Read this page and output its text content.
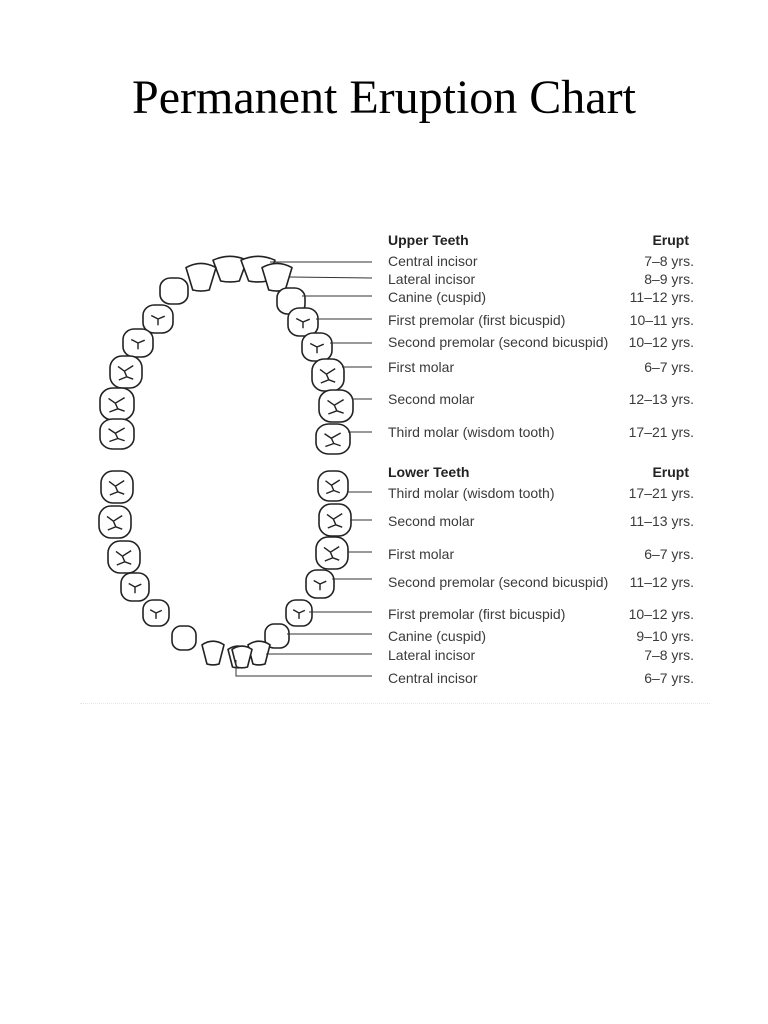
Permanent Eruption Chart
Upper Teeth	Erupt
Central incisor	7–8 yrs.
Lateral incisor	8–9 yrs.
Canine (cuspid)	11–12 yrs.
First premolar (first bicuspid)	10–11 yrs.
Second premolar (second bicuspid) 10–12 yrs.
First molar	6–7 yrs.
Second molar	12–13 yrs.
Third molar (wisdom tooth)	17–21 yrs.
Lower Teeth	Erupt
Third molar (wisdom tooth)	17–21 yrs.
Second molar	11–13 yrs.
First molar	6–7 yrs.
Second premolar (second bicuspid) 11–12 yrs.
First premolar (first bicuspid)	10–12 yrs.
Canine (cuspid)	9–10 yrs.
Lateral incisor	7–8 yrs.
Central incisor	6–7 yrs.
